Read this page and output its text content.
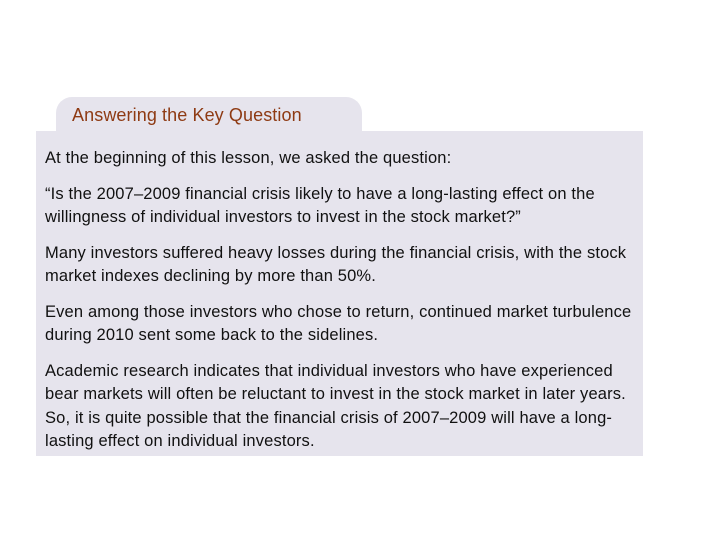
Answering the Key Question

At the beginning of this lesson, we asked the question:

“Is the 2007–2009 financial crisis likely to have a long-lasting effect on the willingness of individual investors to invest in the stock market?”

Many investors suffered heavy losses during the financial crisis, with the stock market indexes declining by more than 50%.

Even among those investors who chose to return, continued market turbulence during 2010 sent some back to the sidelines.

Academic research indicates that individual investors who have experienced bear markets will often be reluctant to invest in the stock market in later years. So, it is quite possible that the financial crisis of 2007–2009 will have a long-lasting effect on individual investors.
